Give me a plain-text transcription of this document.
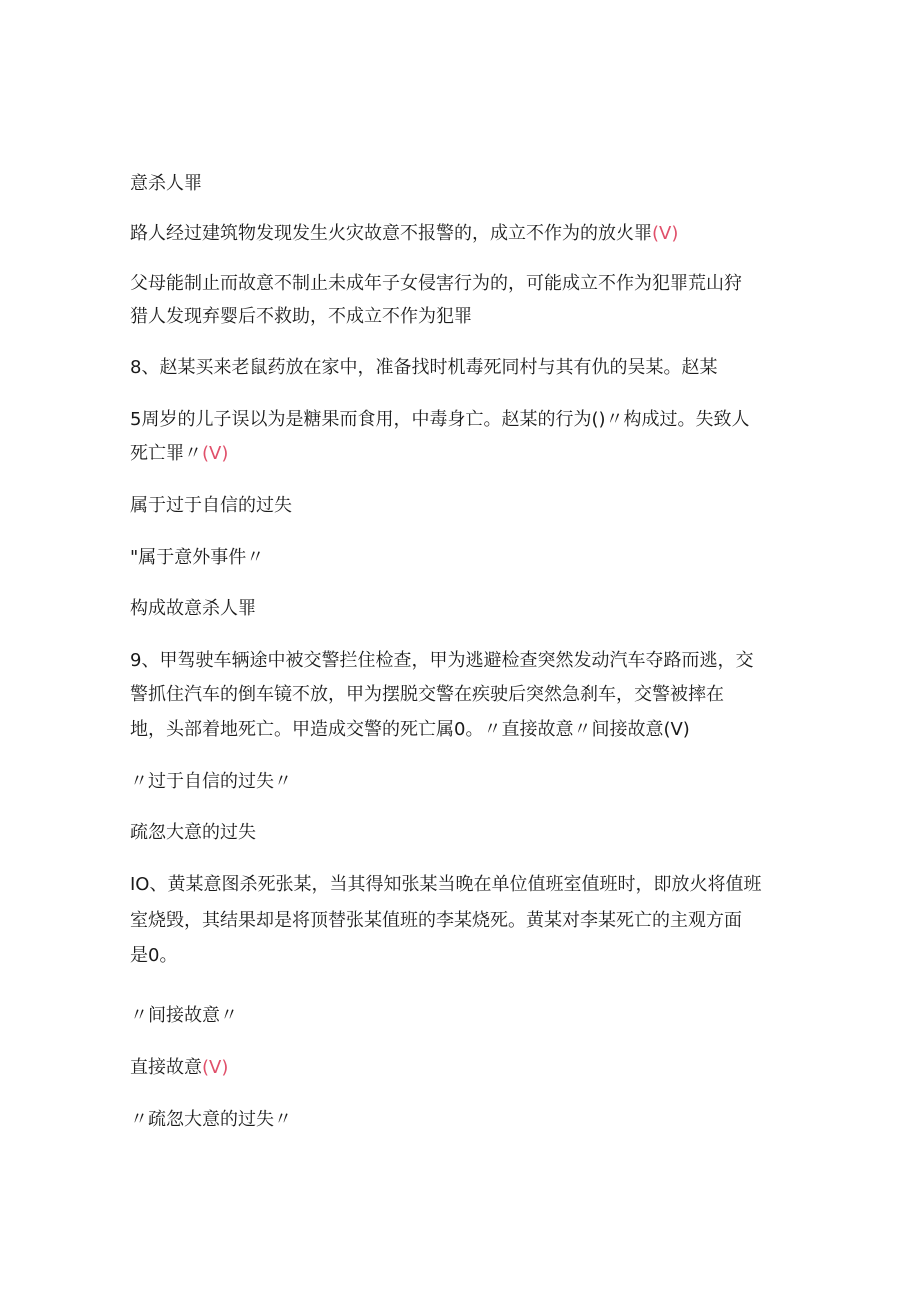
意杀人罪
路人经过建筑物发现发生火灾故意不报警的，成立不作为的放火罪(V)
父母能制止而故意不制止未成年子女侵害行为的，可能成立不作为犯罪荒山狩
猎人发现弃婴后不救助，不成立不作为犯罪
8、赵某买来老鼠药放在家中，准备找时机毒死同村与其有仇的吴某。赵某
5周岁的儿子误以为是糖果而食用，中毒身亡。赵某的行为()〃构成过。失致人
死亡罪〃(V)
属于过于自信的过失
"属于意外事件〃
构成故意杀人罪
9、甲驾驶车辆途中被交警拦住检查，甲为逃避检查突然发动汽车夺路而逃，交
警抓住汽车的倒车镜不放，甲为摆脱交警在疾驶后突然急刹车，交警被摔在
地，头部着地死亡。甲造成交警的死亡属0。〃直接故意〃间接故意(V)
〃过于自信的过失〃
疏忽大意的过失
IO、黄某意图杀死张某，当其得知张某当晚在单位值班室值班时，即放火将值班
室烧毁，其结果却是将顶替张某值班的李某烧死。黄某对李某死亡的主观方面
是0。
〃间接故意〃
直接故意(V)
〃疏忽大意的过失〃
